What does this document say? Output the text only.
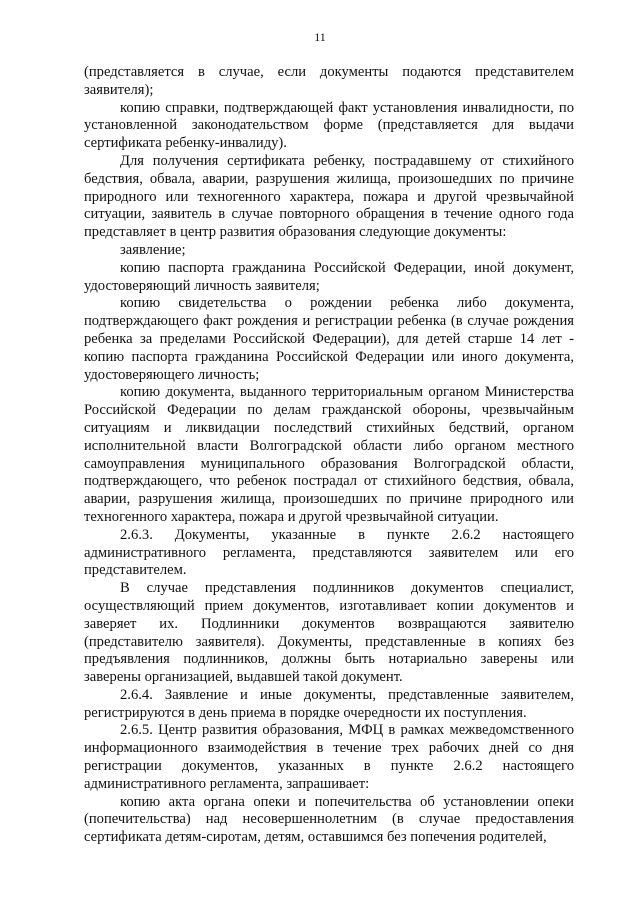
11

(представляется в случае, если документы подаются представителем заявителя);

копию справки, подтверждающей факт установления инвалидности, по установленной законодательством форме (представляется для выдачи сертификата ребенку-инвалиду).

Для получения сертификата ребенку, пострадавшему от стихийного бедствия, обвала, аварии, разрушения жилища, произошедших по причине природного или техногенного характера, пожара и другой чрезвычайной ситуации, заявитель в случае повторного обращения в течение одного года представляет в центр развития образования следующие документы:

заявление;

копию паспорта гражданина Российской Федерации, иной документ, удостоверяющий личность заявителя;

копию свидетельства о рождении ребенка либо документа, подтверждающего факт рождения и регистрации ребенка (в случае рождения ребенка за пределами Российской Федерации), для детей старше 14 лет - копию паспорта гражданина Российской Федерации или иного документа, удостоверяющего личность;

копию документа, выданного территориальным органом Министерства Российской Федерации по делам гражданской обороны, чрезвычайным ситуациям и ликвидации последствий стихийных бедствий, органом исполнительной власти Волгоградской области либо органом местного самоуправления муниципального образования Волгоградской области, подтверждающего, что ребенок пострадал от стихийного бедствия, обвала, аварии, разрушения жилища, произошедших по причине природного или техногенного характера, пожара и другой чрезвычайной ситуации.

2.6.3. Документы, указанные в пункте 2.6.2 настоящего административного регламента, представляются заявителем или его представителем.

В случае представления подлинников документов специалист, осуществляющий прием документов, изготавливает копии документов и заверяет их. Подлинники документов возвращаются заявителю (представителю заявителя). Документы, представленные в копиях без предъявления подлинников, должны быть нотариально заверены или заверены организацией, выдавшей такой документ.

2.6.4. Заявление и иные документы, представленные заявителем, регистрируются в день приема в порядке очередности их поступления.

2.6.5. Центр развития образования, МФЦ в рамках межведомственного информационного взаимодействия в течение трех рабочих дней со дня регистрации документов, указанных в пункте 2.6.2 настоящего административного регламента, запрашивает:

копию акта органа опеки и попечительства об установлении опеки (попечительства) над несовершеннолетним (в случае предоставления сертификата детям-сиротам, детям, оставшимся без попечения родителей,
